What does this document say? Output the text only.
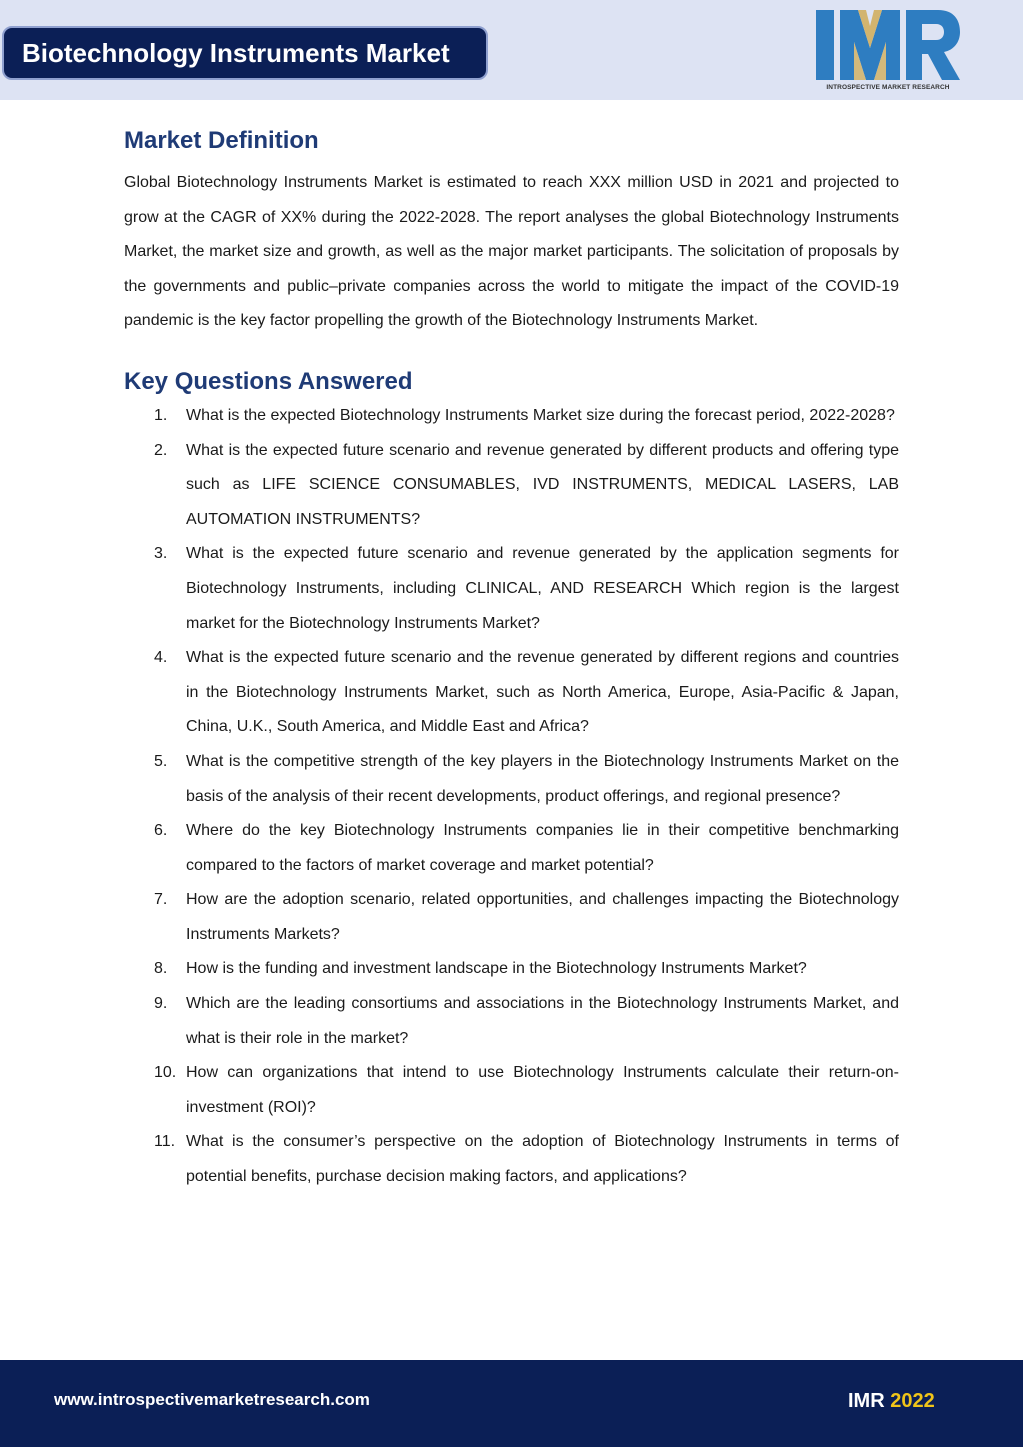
Biotechnology Instruments Market
INTROSPECTIVE MARKET RESEARCH
Market Definition

Global Biotechnology Instruments Market is estimated to reach XXX million USD in 2021 and projected to grow at the CAGR of XX% during the 2022-2028. The report analyses the global Biotechnology Instruments Market, the market size and growth, as well as the major market participants. The solicitation of proposals by the governments and public–private companies across the world to mitigate the impact of the COVID-19 pandemic is the key factor propelling the growth of the Biotechnology Instruments Market.

Key Questions Answered
1.	What is the expected Biotechnology Instruments Market size during the forecast period, 2022-2028?
2.	What is the expected future scenario and revenue generated by different products and offering type such as LIFE SCIENCE CONSUMABLES, IVD INSTRUMENTS, MEDICAL LASERS, LAB AUTOMATION INSTRUMENTS?
3.	What is the expected future scenario and revenue generated by the application segments for Biotechnology Instruments, including CLINICAL, AND RESEARCH Which region is the largest market for the Biotechnology Instruments Market?
4.	What is the expected future scenario and the revenue generated by different regions and countries in the Biotechnology Instruments Market, such as North America, Europe, Asia-Pacific & Japan, China, U.K., South America, and Middle East and Africa?
5.	What is the competitive strength of the key players in the Biotechnology Instruments Market on the basis of the analysis of their recent developments, product offerings, and regional presence?
6.	Where do the key Biotechnology Instruments companies lie in their competitive benchmarking compared to the factors of market coverage and market potential?
7.	How are the adoption scenario, related opportunities, and challenges impacting the Biotechnology Instruments Markets?
8.	How is the funding and investment landscape in the Biotechnology Instruments Market?
9.	Which are the leading consortiums and associations in the Biotechnology Instruments Market, and what is their role in the market?
10. How can organizations that intend to use Biotechnology Instruments calculate their return-on-investment (ROI)?
11. What is the consumer’s perspective on the adoption of Biotechnology Instruments in terms of potential benefits, purchase decision making factors, and applications?
www.introspectivemarketresearch.com	IMR 2022
